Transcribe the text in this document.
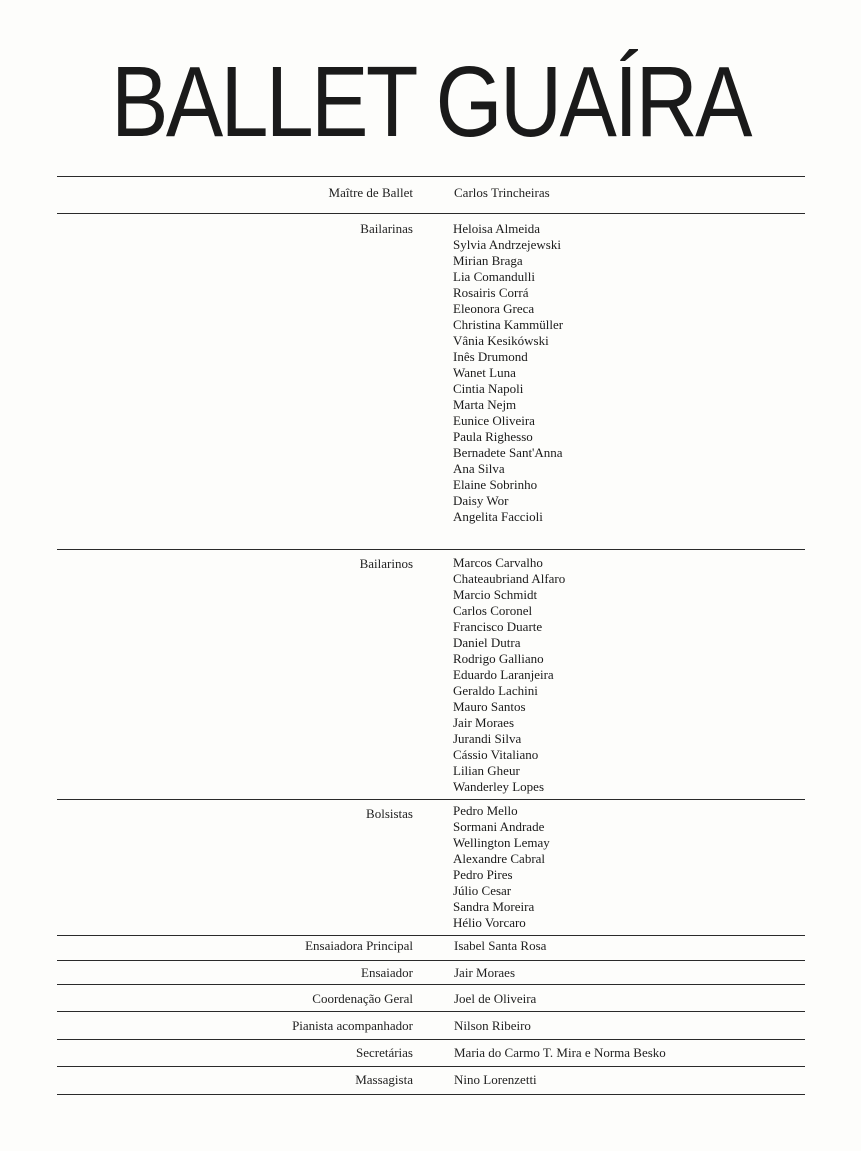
BALLET GUAÍRA
Maître de Ballet	Carlos Trincheiras
Bailarinas	Heloisa Almeida
Sylvia Andrzejewski
Mirian Braga
Lia Comandulli
Rosairis Corrá
Eleonora Greca
Christina Kammüller
Vânia Kesikówski
Inês Drumond
Wanet Luna
Cintia Napoli
Marta Nejm
Eunice Oliveira
Paula Righesso
Bernadete Sant'Anna
Ana Silva
Elaine Sobrinho
Daisy Wor
Angelita Faccioli
Bailarinos	Marcos Carvalho
Chateaubriand Alfaro
Marcio Schmidt
Carlos Coronel
Francisco Duarte
Daniel Dutra
Rodrigo Galliano
Eduardo Laranjeira
Geraldo Lachini
Mauro Santos
Jair Moraes
Jurandi Silva
Cássio Vitaliano
Lilian Gheur
Wanderley Lopes
Bolsistas	Pedro Mello
Sormani Andrade
Wellington Lemay
Alexandre Cabral
Pedro Pires
Júlio Cesar
Sandra Moreira
Hélio Vorcaro
Ensaiadora Principal	Isabel Santa Rosa
Ensaiador	Jair Moraes
Coordenação Geral	Joel de Oliveira
Pianista acompanhador	Nilson Ribeiro
Secretárias	Maria do Carmo T. Mira e Norma Besko
Massagista	Nino Lorenzetti
